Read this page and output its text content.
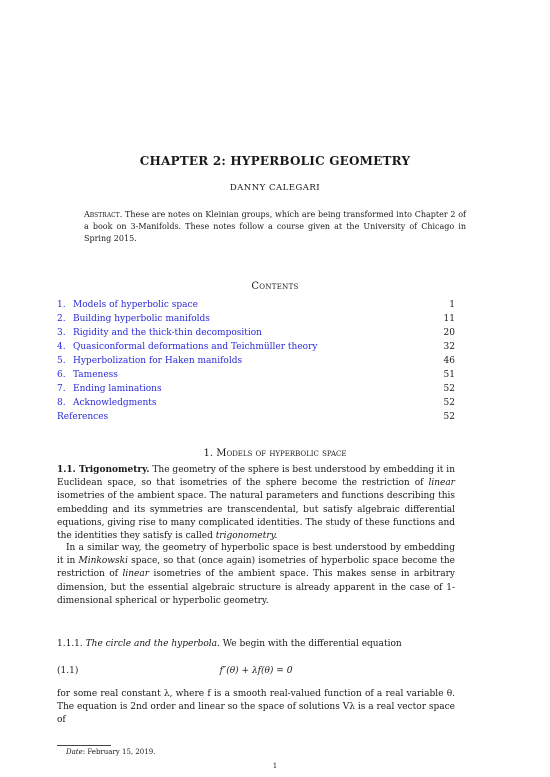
CHAPTER 2: HYPERBOLIC GEOMETRY
DANNY CALEGARI
Abstract. These are notes on Kleinian groups, which are being transformed into Chapter 2 of a book on 3-Manifolds. These notes follow a course given at the University of Chicago in Spring 2015.
Contents
1. Models of hyperbolic space	1
2. Building hyperbolic manifolds	11
3. Rigidity and the thick-thin decomposition	20
4. Quasiconformal deformations and Teichmüller theory	32
5. Hyperbolization for Haken manifolds	46
6. Tameness	51
7. Ending laminations	52
8. Acknowledgments	52
References	52
1. Models of hyperbolic space
1.1. Trigonometry. The geometry of the sphere is best understood by embedding it in Euclidean space, so that isometries of the sphere become the restriction of linear isometries of the ambient space. The natural parameters and functions describing this embedding and its symmetries are transcendental, but satisfy algebraic differential equations, giving rise to many complicated identities. The study of these functions and the identities they satisfy is called trigonometry.
In a similar way, the geometry of hyperbolic space is best understood by embedding it in Minkowski space, so that (once again) isometries of hyperbolic space become the restriction of linear isometries of the ambient space. This makes sense in arbitrary dimension, but the essential algebraic structure is already apparent in the case of 1-dimensional spherical or hyperbolic geometry.
1.1.1. The circle and the hyperbola. We begin with the differential equation
f″(θ) + λf(θ) = 0
(1.1)
for some real constant λ, where f is a smooth real-valued function of a real variable θ. The equation is 2nd order and linear so the space of solutions Vλ is a real vector space of
Date: February 15, 2019.
1
